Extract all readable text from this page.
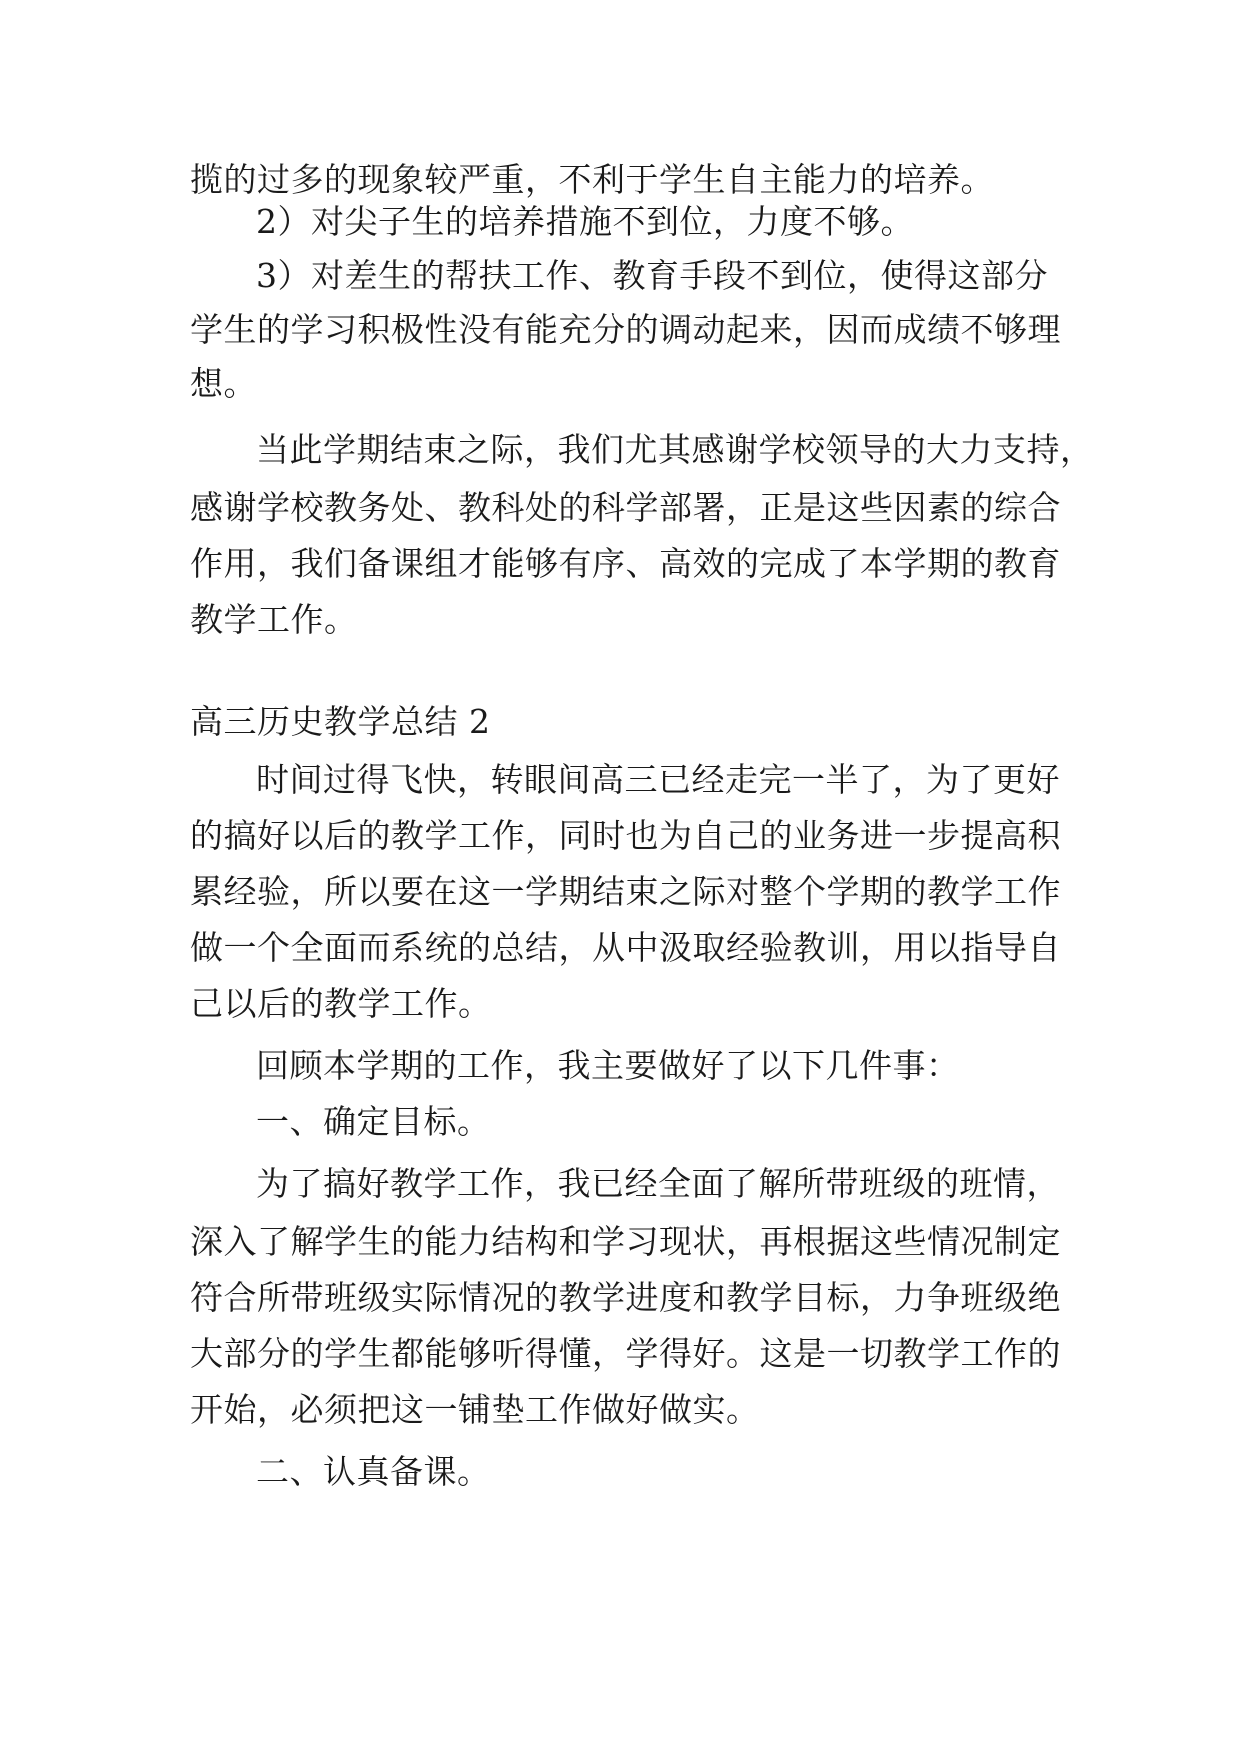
揽的过多的现象较严重，不利于学生自主能力的培养。
2）对尖子生的培养措施不到位，力度不够。
3）对差生的帮扶工作、教育手段不到位，使得这部分
学生的学习积极性没有能充分的调动起来，因而成绩不够理
想。
当此学期结束之际，我们尤其感谢学校领导的大力支持，
感谢学校教务处、教科处的科学部署，正是这些因素的综合
作用，我们备课组才能够有序、高效的完成了本学期的教育
教学工作。
高三历史教学总结 2
时间过得飞快，转眼间高三已经走完一半了，为了更好
的搞好以后的教学工作，同时也为自己的业务进一步提高积
累经验，所以要在这一学期结束之际对整个学期的教学工作
做一个全面而系统的总结，从中汲取经验教训，用以指导自
己以后的教学工作。
回顾本学期的工作，我主要做好了以下几件事：
一、确定目标。
为了搞好教学工作，我已经全面了解所带班级的班情，
深入了解学生的能力结构和学习现状，再根据这些情况制定
符合所带班级实际情况的教学进度和教学目标，力争班级绝
大部分的学生都能够听得懂，学得好。这是一切教学工作的
开始，必须把这一铺垫工作做好做实。
二、认真备课。
